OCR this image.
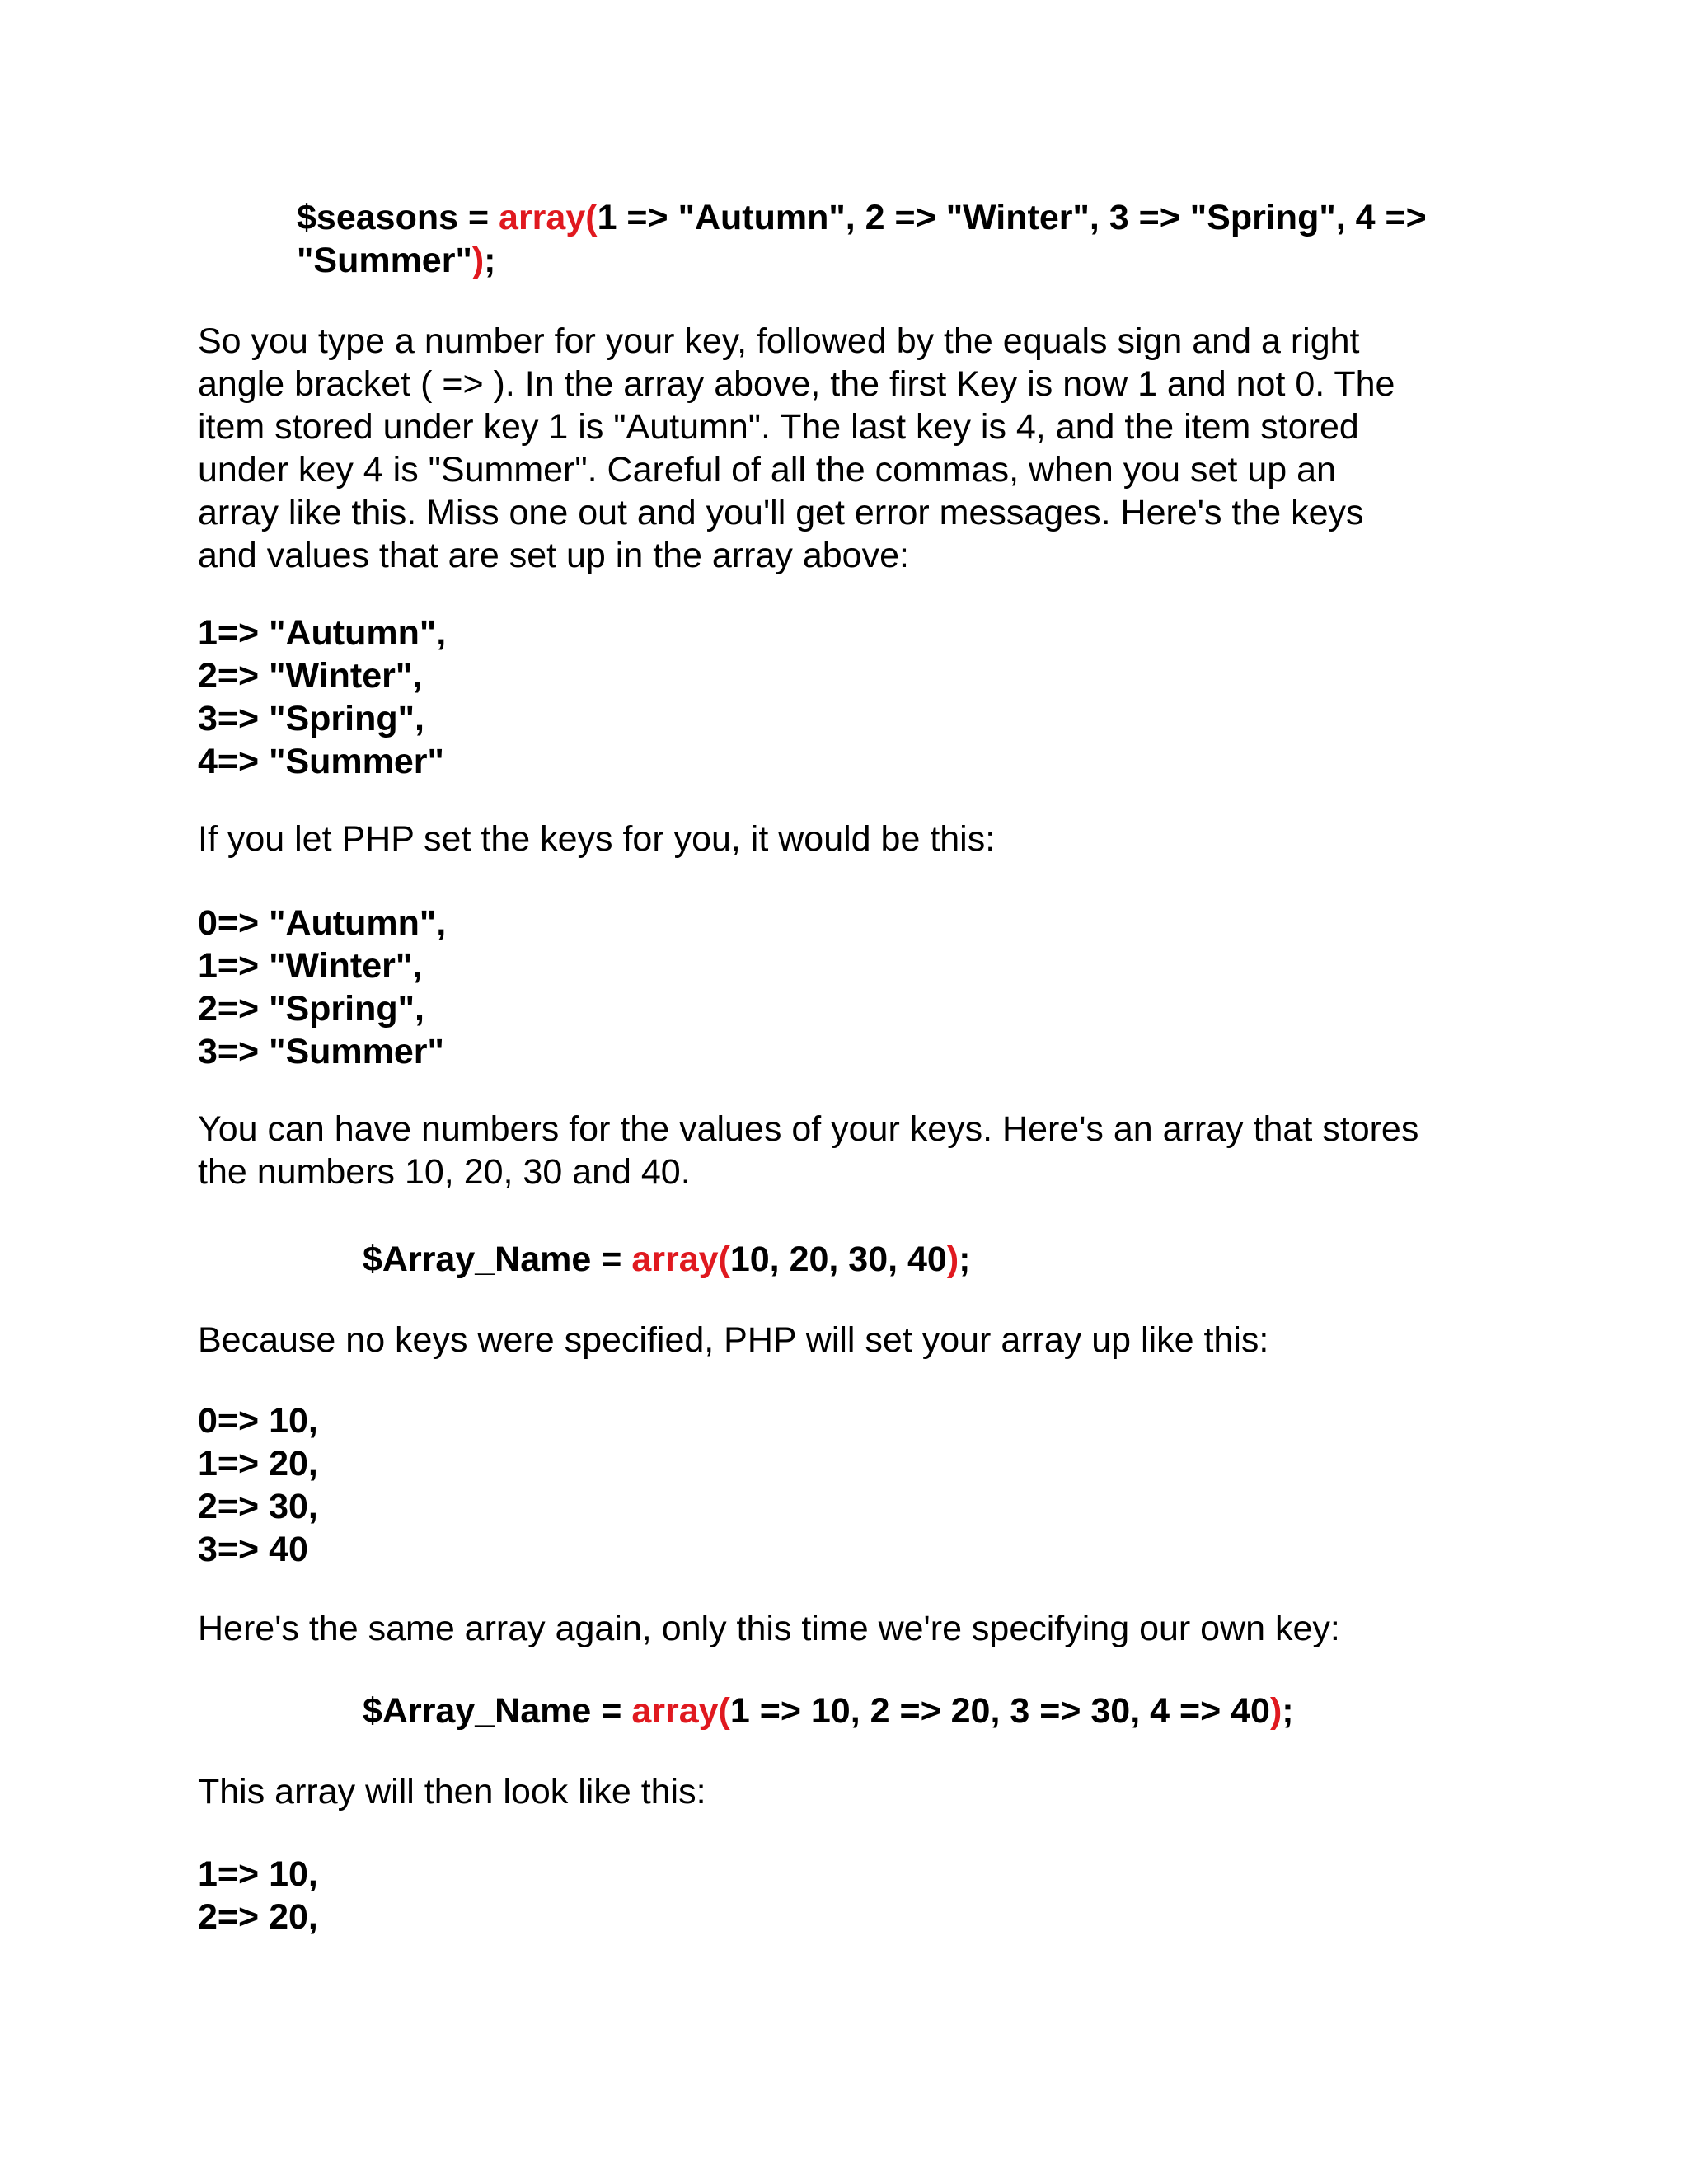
$seasons = array(1 => "Autumn", 2 => "Winter", 3 => "Spring", 4 =>
"Summer");
So you type a number for your key, followed by the equals sign and a right
angle bracket ( => ). In the array above, the first Key is now 1 and not 0. The
item stored under key 1 is "Autumn". The last key is 4, and the item stored
under key 4 is "Summer". Careful of all the commas, when you set up an
array like this. Miss one out and you'll get error messages. Here's the keys
and values that are set up in the array above:
1=> "Autumn",
2=> "Winter",
3=> "Spring",
4=> "Summer"
If you let PHP set the keys for you, it would be this:
0=> "Autumn",
1=> "Winter",
2=> "Spring",
3=> "Summer"
You can have numbers for the values of your keys. Here's an array that stores
the numbers 10, 20, 30 and 40.
$Array_Name = array(10, 20, 30, 40);
Because no keys were specified, PHP will set your array up like this:
0=> 10,
1=> 20,
2=> 30,
3=> 40
Here's the same array again, only this time we're specifying our own key:
$Array_Name = array(1 => 10, 2 => 20, 3 => 30, 4 => 40);
This array will then look like this:
1=> 10,
2=> 20,
